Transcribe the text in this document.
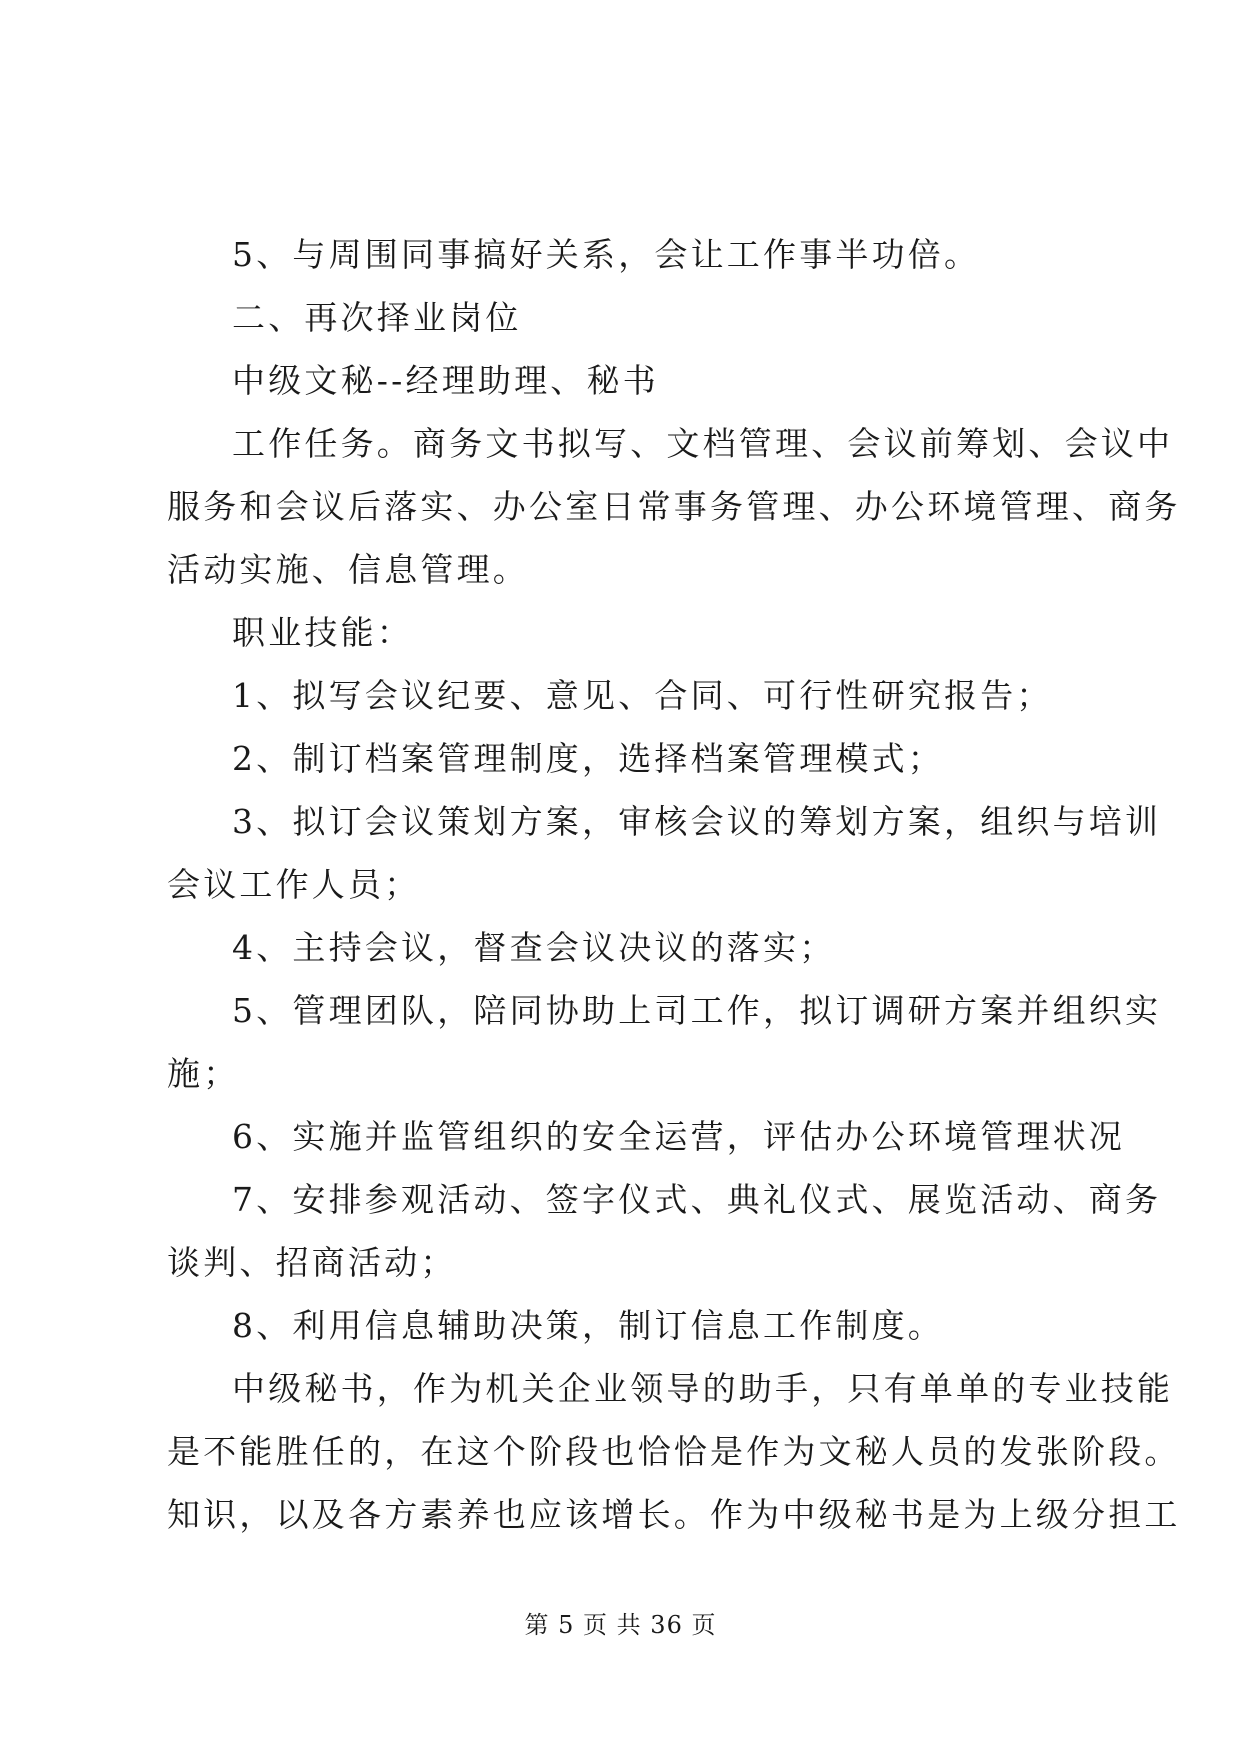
5、与周围同事搞好关系，会让工作事半功倍。
二、再次择业岗位
中级文秘--经理助理、秘书
工作任务。商务文书拟写、文档管理、会议前筹划、会议中
服务和会议后落实、办公室日常事务管理、办公环境管理、商务
活动实施、信息管理。
职业技能：
1、拟写会议纪要、意见、合同、可行性研究报告；
2、制订档案管理制度，选择档案管理模式；
3、拟订会议策划方案，审核会议的筹划方案，组织与培训
会议工作人员；
4、主持会议，督查会议决议的落实；
5、管理团队，陪同协助上司工作，拟订调研方案并组织实
施；
6、实施并监管组织的安全运营，评估办公环境管理状况
7、安排参观活动、签字仪式、典礼仪式、展览活动、商务
谈判、招商活动；
8、利用信息辅助决策，制订信息工作制度。
中级秘书，作为机关企业领导的助手，只有单单的专业技能
是不能胜任的，在这个阶段也恰恰是作为文秘人员的发张阶段。
知识，以及各方素养也应该增长。作为中级秘书是为上级分担工
第 5 页 共 36 页
